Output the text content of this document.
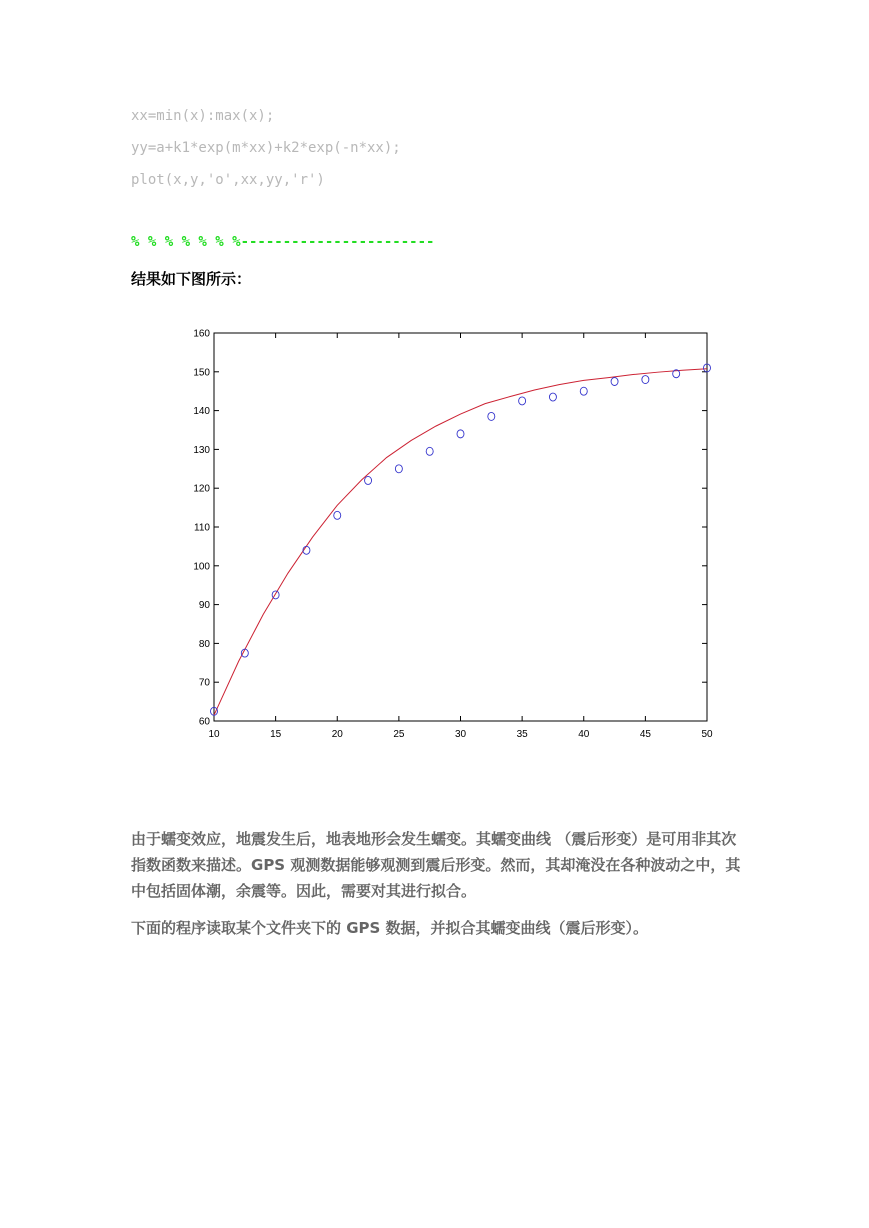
xx=min(x):max(x);
yy=a+k1*exp(m*xx)+k2*exp(-n*xx);
plot(x,y,'o',xx,yy,'r')
% % % % % % %-----------------------
结果如下图所示：
10	15	20	25	30	35	40	45	50
60
70
80
90
100
110
120
130
140
150
160
由于蠕变效应，地震发生后，地表地形会发生蠕变。其蠕变曲线 （震后形变）是可用非其次指数函数来描述。GPS 观测数据能够观测到震后形变。然而，其却淹没在各种波动之中，其中包括固体潮，余震等。因此，需要对其进行拟合。
下面的程序读取某个文件夹下的 GPS 数据，并拟合其蠕变曲线（震后形变）。
